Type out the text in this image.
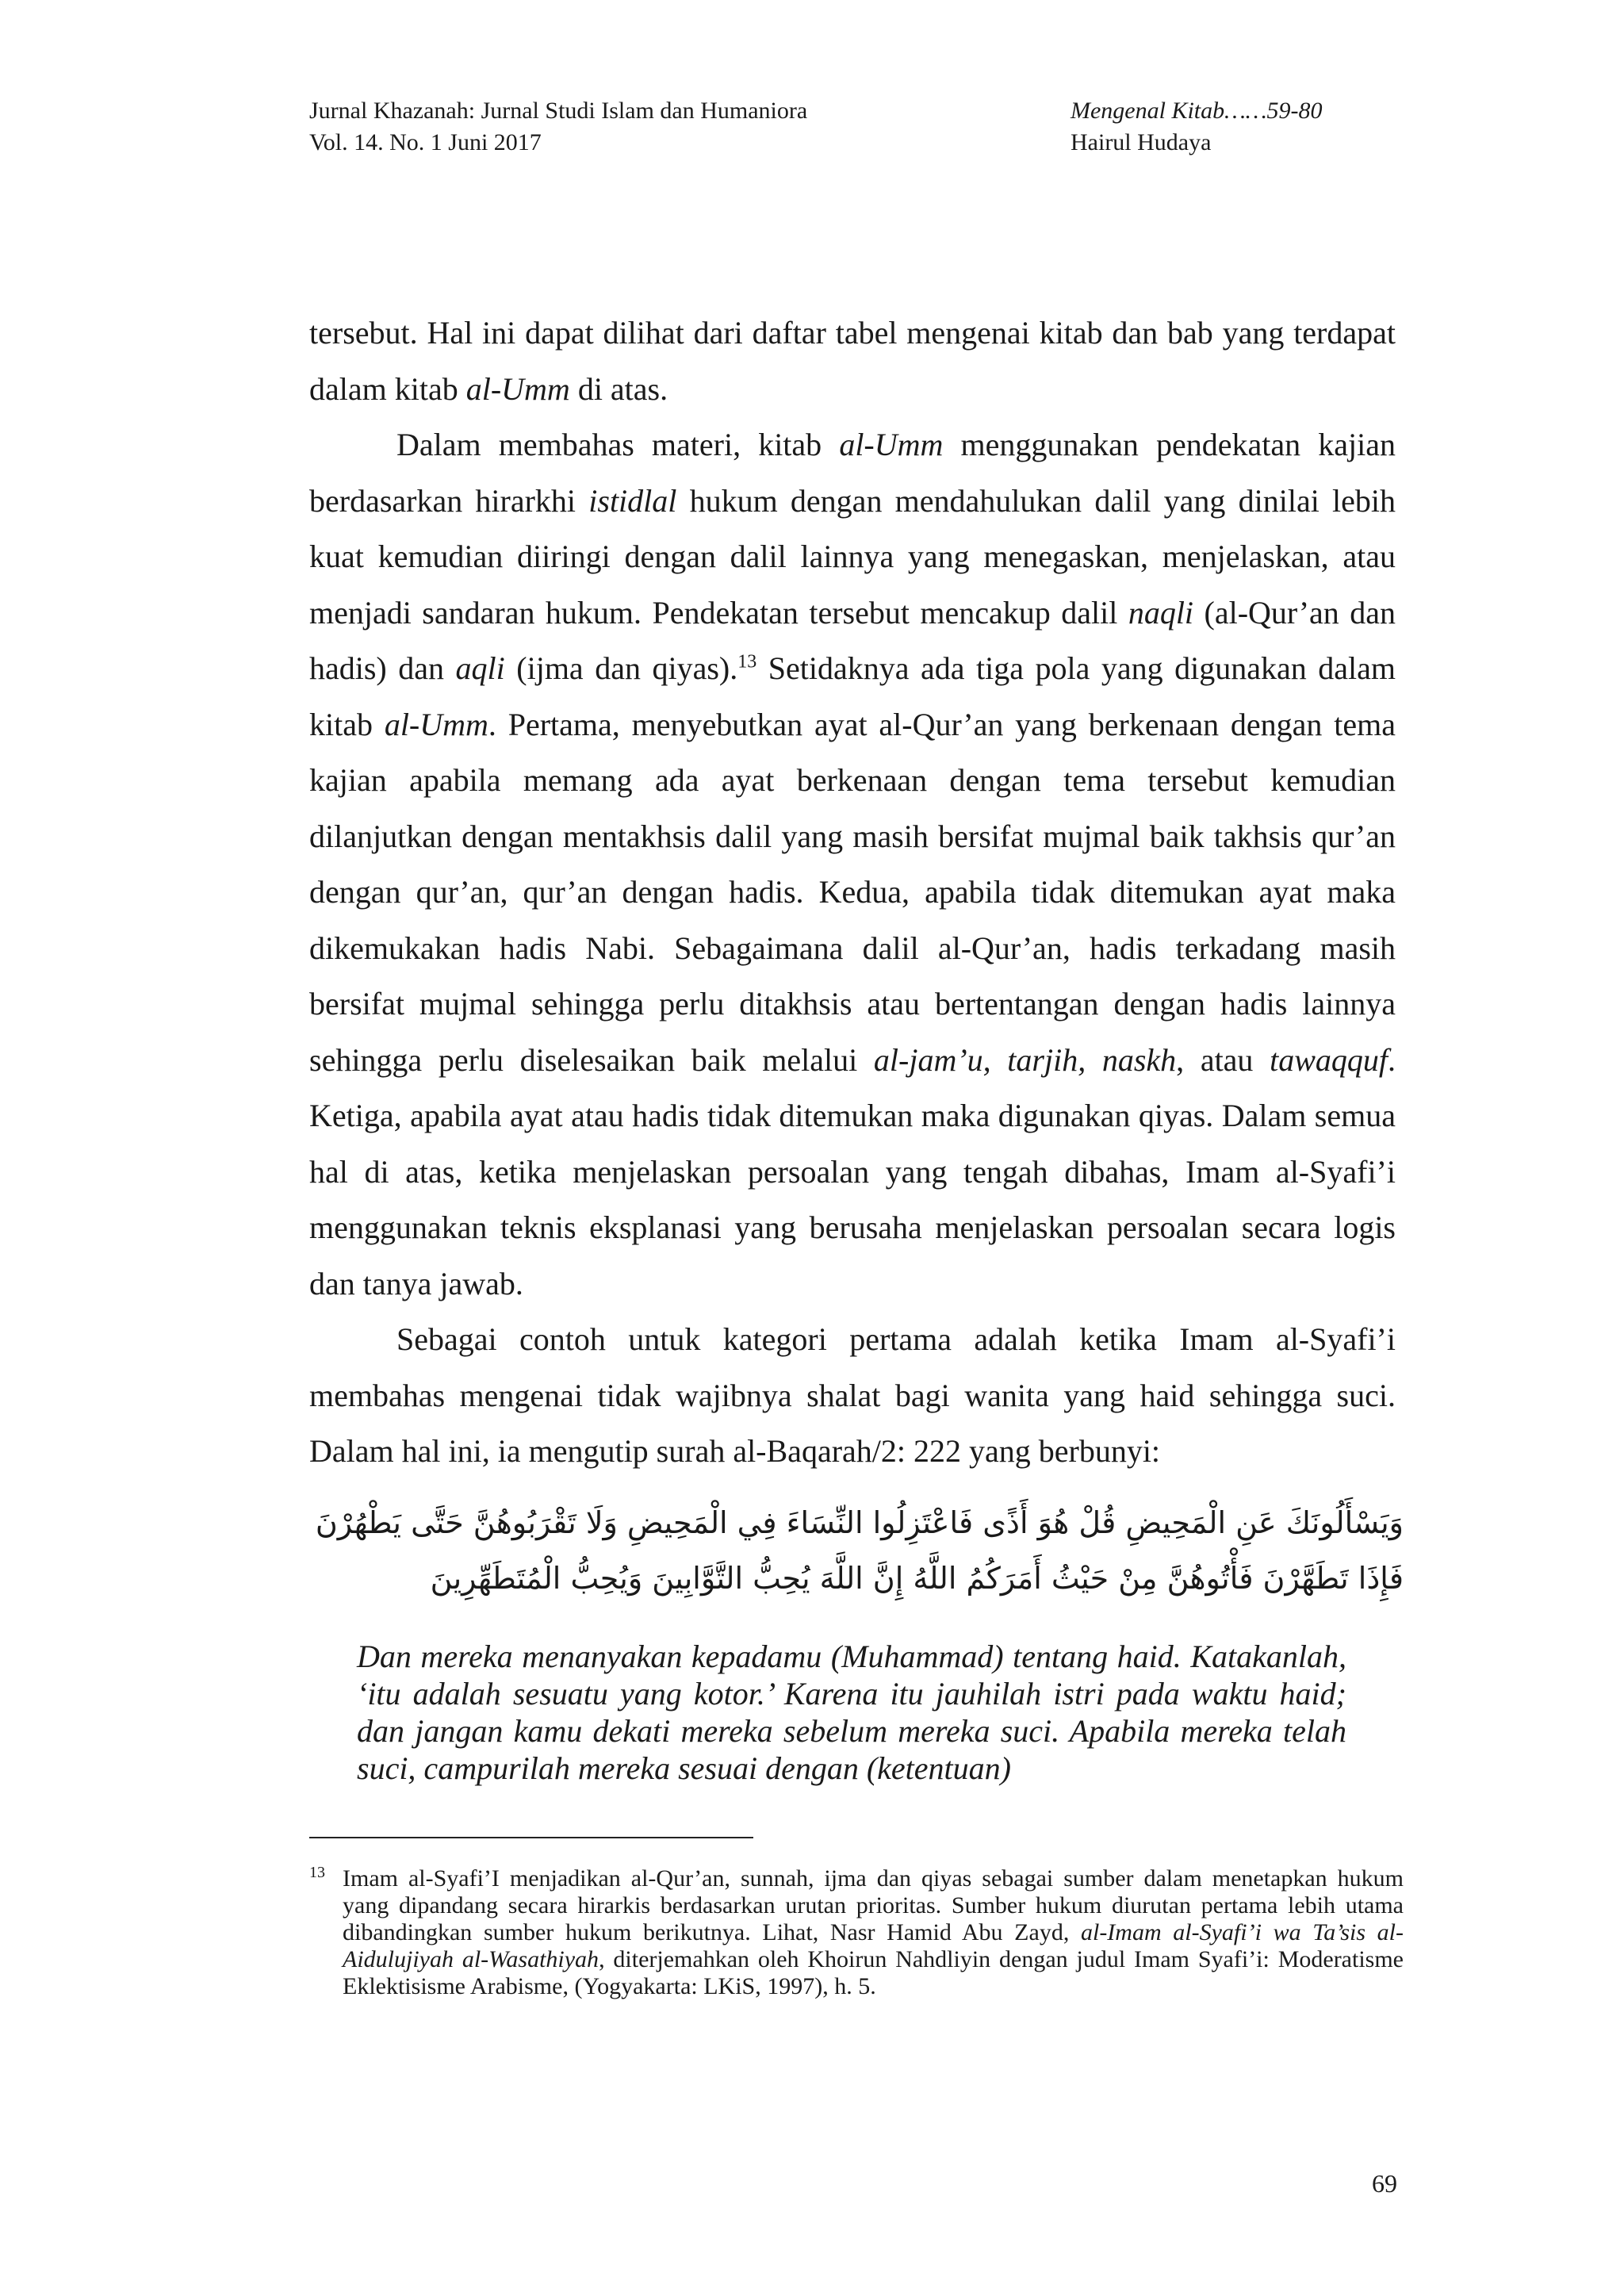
Jurnal Khazanah: Jurnal Studi Islam dan Humaniora
Vol. 14. No. 1 Juni 2017
Mengenal Kitab……59-80
Hairul Hudaya

tersebut. Hal ini dapat dilihat dari daftar tabel mengenai kitab dan bab yang terdapat dalam kitab al-Umm di atas.

Dalam membahas materi, kitab al-Umm menggunakan pendekatan kajian berdasarkan hirarkhi istidlal hukum dengan mendahulukan dalil yang dinilai lebih kuat kemudian diiringi dengan dalil lainnya yang menegaskan, menjelaskan, atau menjadi sandaran hukum. Pendekatan tersebut mencakup dalil naqli (al-Qur’an dan hadis) dan aqli (ijma dan qiyas).$^{13}$ Setidaknya ada tiga pola yang digunakan dalam kitab al-Umm. Pertama, menyebutkan ayat al-Qur’an yang berkenaan dengan tema kajian apabila memang ada ayat berkenaan dengan tema tersebut kemudian dilanjutkan dengan mentakhsis dalil yang masih bersifat mujmal baik takhsis qur’an dengan qur’an, qur’an dengan hadis. Kedua, apabila tidak ditemukan ayat maka dikemukakan hadis Nabi. Sebagaimana dalil al-Qur’an, hadis terkadang masih bersifat mujmal sehingga perlu ditakhsis atau bertentangan dengan hadis lainnya sehingga perlu diselesaikan baik melalui al-jam’u, tarjih, naskh, atau tawaqquf. Ketiga, apabila ayat atau hadis tidak ditemukan maka digunakan qiyas. Dalam semua hal di atas, ketika menjelaskan persoalan yang tengah dibahas, Imam al-Syafi’i menggunakan teknis eksplanasi yang berusaha menjelaskan persoalan secara logis dan tanya jawab.

Sebagai contoh untuk kategori pertama adalah ketika Imam al-Syafi’i membahas mengenai tidak wajibnya shalat bagi wanita yang haid sehingga suci. Dalam hal ini, ia mengutip surah al-Baqarah/2: 222 yang berbunyi:

وَيَسْأَلُونَكَ عَنِ الْمَحِيضِ قُلْ هُوَ أَذًى فَاعْتَزِلُوا النِّسَاءَ فِي الْمَحِيضِ وَلَا تَقْرَبُوهُنَّ حَتَّى يَطْهُرْنَ
فَإِذَا تَطَهَّرْنَ فَأْتُوهُنَّ مِنْ حَيْثُ أَمَرَكُمُ اللَّهُ إِنَّ اللَّهَ يُحِبُّ التَّوَّابِينَ وَيُحِبُّ الْمُتَطَهِّرِينَ
Dan mereka menanyakan kepadamu (Muhammad) tentang haid. Katakanlah, ‘itu adalah sesuatu yang kotor.’ Karena itu jauhilah istri pada waktu haid; dan jangan kamu dekati mereka sebelum mereka suci. Apabila mereka telah suci, campurilah mereka sesuai dengan (ketentuan)
13 Imam al-Syafi’I menjadikan al-Qur’an, sunnah, ijma dan qiyas sebagai sumber dalam menetapkan hukum yang dipandang secara hirarkis berdasarkan urutan prioritas. Sumber hukum diurutan pertama lebih utama dibandingkan sumber hukum berikutnya. Lihat, Nasr Hamid Abu Zayd, al-Imam al-Syafi’i wa Ta’sis al-Aidulujiyah al-Wasathiyah, diterjemahkan oleh Khoirun Nahdliyin dengan judul Imam Syafi’i: Moderatisme Eklektisisme Arabisme, (Yogyakarta: LKiS, 1997), h. 5.
69
